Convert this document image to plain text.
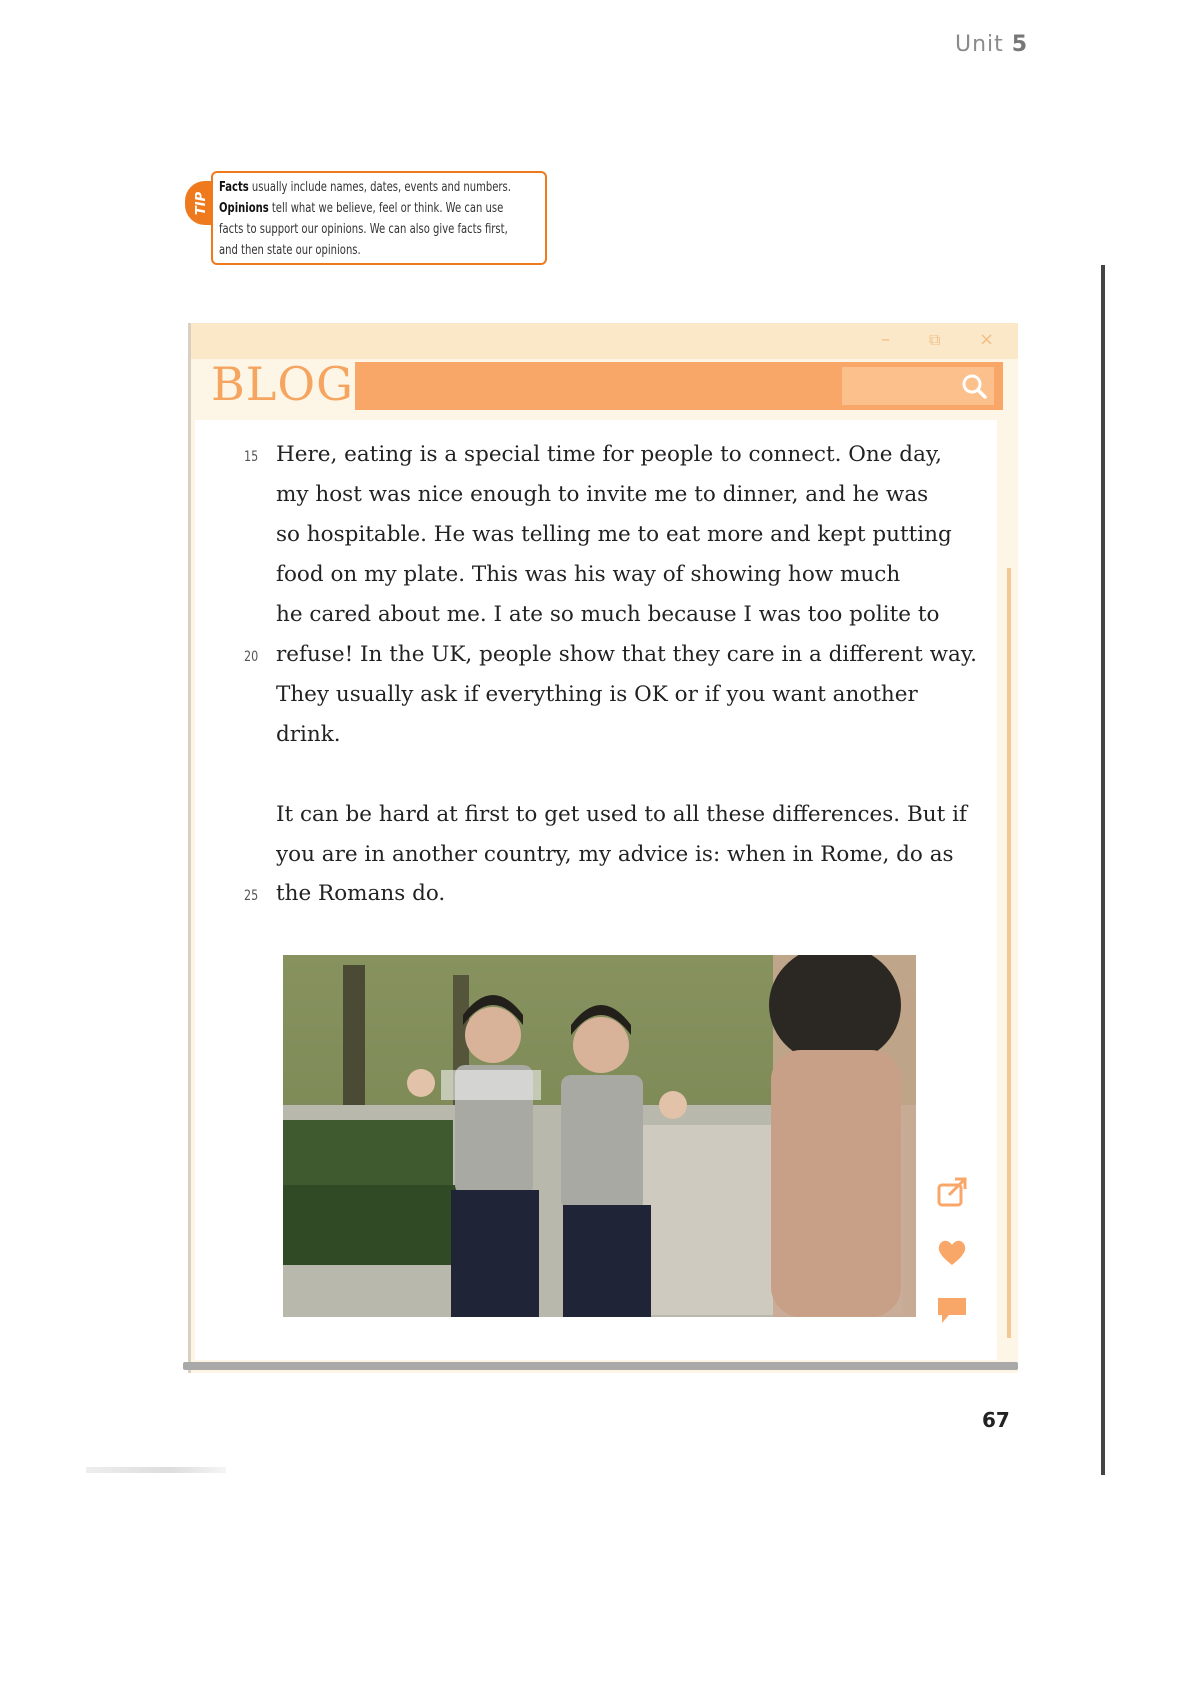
Unit 5
TIP

Facts usually include names, dates, events and numbers.

Opinions tell what we believe, feel or think. We can use

facts to support our opinions. We can also give facts first,

and then state our opinions.

– ⧉ ×
BLOG
15
20
25
Here, eating is a special time for people to connect. One day,
my host was nice enough to invite me to dinner, and he was
so hospitable. He was telling me to eat more and kept putting
food on my plate. This was his way of showing how much
he cared about me. I ate so much because I was too polite to
refuse! In the UK, people show that they care in a different way.
They usually ask if everything is OK or if you want another
drink.
It can be hard at first to get used to all these differences. But if
you are in another country, my advice is: when in Rome, do as
the Romans do.
67
